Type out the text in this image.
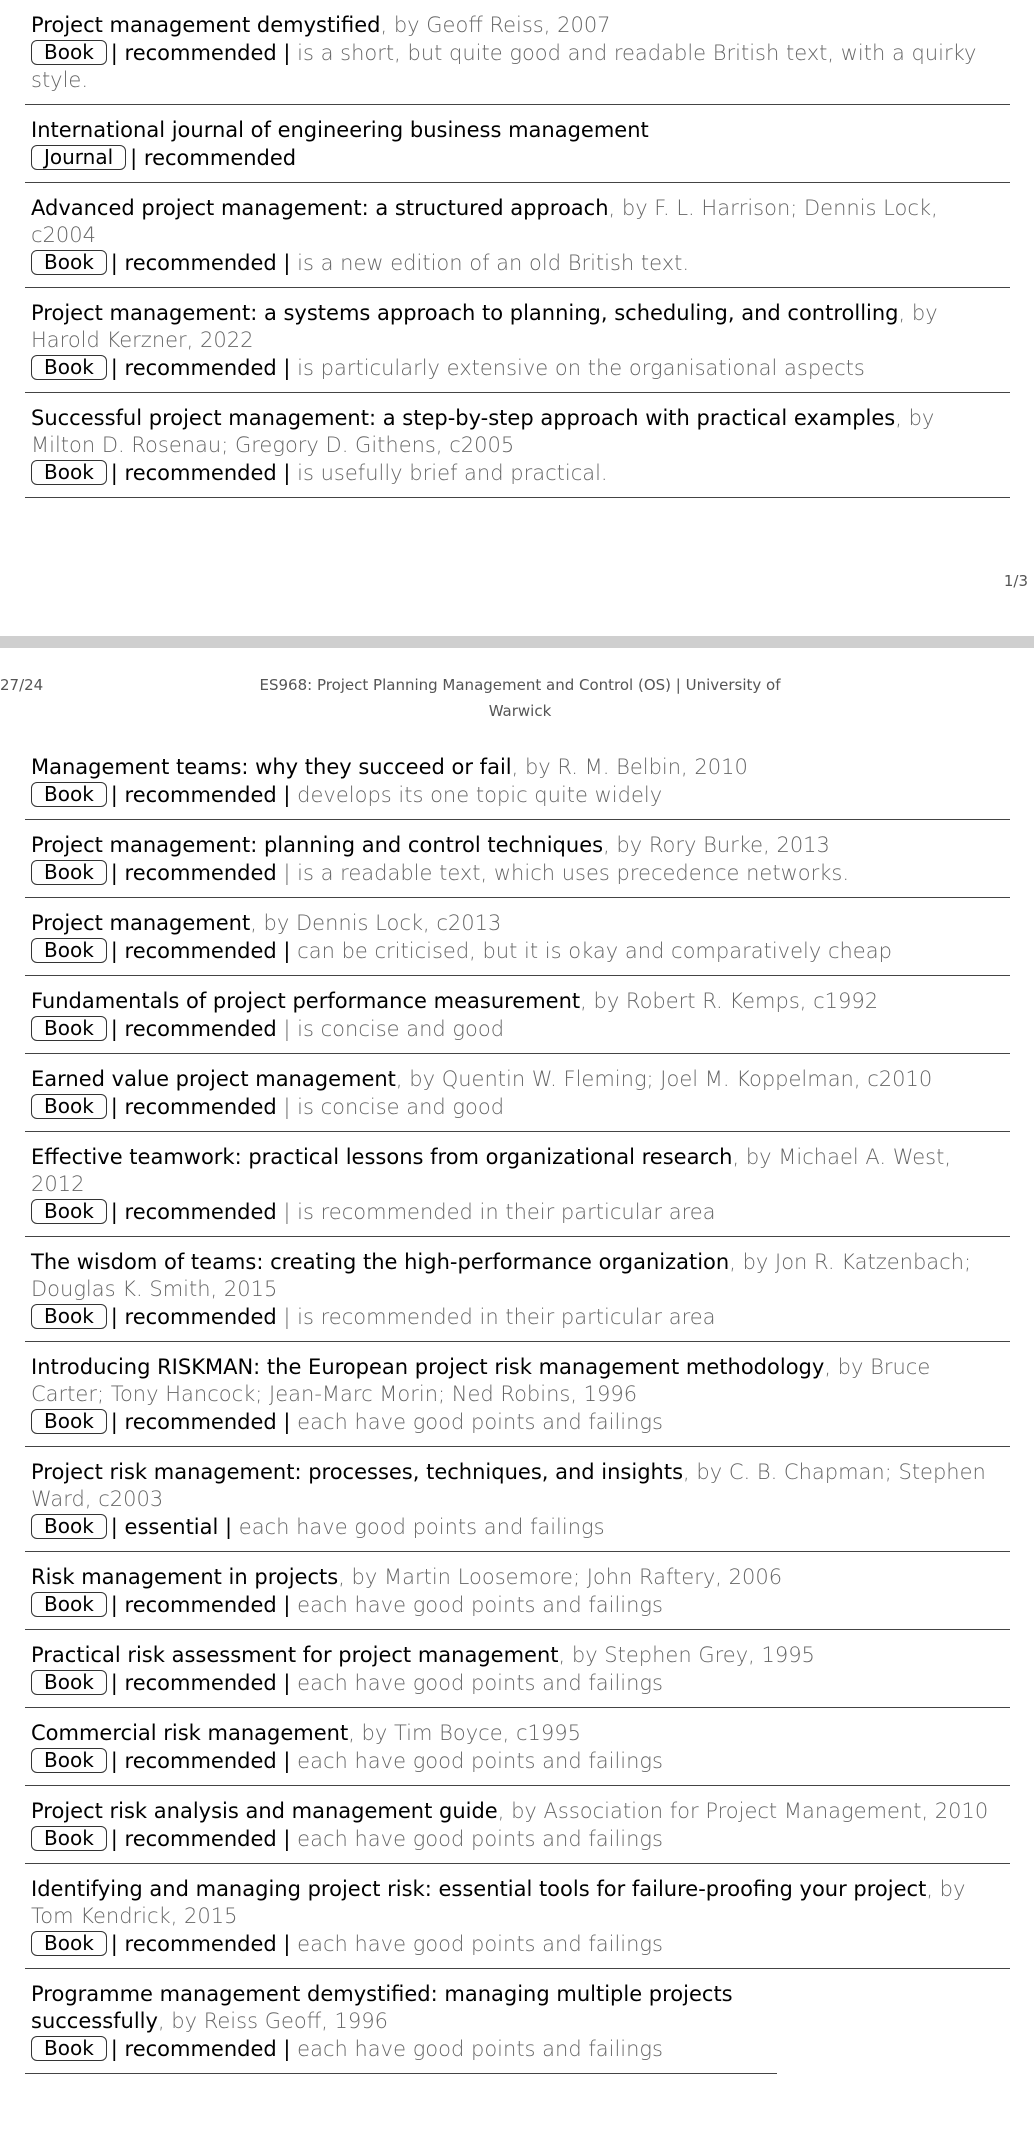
Project management demystified, by Geoff Reiss, 2007
Book | recommended | is a short, but quite good and readable British text, with a quirky style.
International journal of engineering business management
Journal | recommended
Advanced project management: a structured approach, by F. L. Harrison; Dennis Lock, c2004
Book | recommended | is a new edition of an old British text.
Project management: a systems approach to planning, scheduling, and controlling, by Harold Kerzner, 2022
Book | recommended | is particularly extensive on the organisational aspects
Successful project management: a step-by-step approach with practical examples, by Milton D. Rosenau; Gregory D. Githens, c2005
Book | recommended | is usefully brief and practical.
1/3
27/24	ES968: Project Planning Management and Control (OS) | University of Warwick
Management teams: why they succeed or fail, by R. M. Belbin, 2010
Book | recommended | develops its one topic quite widely
Project management: planning and control techniques, by Rory Burke, 2013
Book | recommended | is a readable text, which uses precedence networks.
Project management, by Dennis Lock, c2013
Book | recommended | can be criticised, but it is okay and comparatively cheap
Fundamentals of project performance measurement, by Robert R. Kemps, c1992
Book | recommended | is concise and good
Earned value project management, by Quentin W. Fleming; Joel M. Koppelman, c2010
Book | recommended | is concise and good
Effective teamwork: practical lessons from organizational research, by Michael A. West, 2012
Book | recommended | is recommended in their particular area
The wisdom of teams: creating the high-performance organization, by Jon R. Katzenbach; Douglas K. Smith, 2015
Book | recommended | is recommended in their particular area
Introducing RISKMAN: the European project risk management methodology, by Bruce Carter; Tony Hancock; Jean-Marc Morin; Ned Robins, 1996
Book | recommended | each have good points and failings
Project risk management: processes, techniques, and insights, by C. B. Chapman; Stephen Ward, c2003
Book | essential | each have good points and failings
Risk management in projects, by Martin Loosemore; John Raftery, 2006
Book | recommended | each have good points and failings
Practical risk assessment for project management, by Stephen Grey, 1995
Book | recommended | each have good points and failings
Commercial risk management, by Tim Boyce, c1995
Book | recommended | each have good points and failings
Project risk analysis and management guide, by Association for Project Management, 2010
Book | recommended | each have good points and failings
Identifying and managing project risk: essential tools for failure-proofing your project, by Tom Kendrick, 2015
Book | recommended | each have good points and failings
Programme management demystified: managing multiple projects successfully, by Reiss Geoff, 1996
Book | recommended | each have good points and failings
